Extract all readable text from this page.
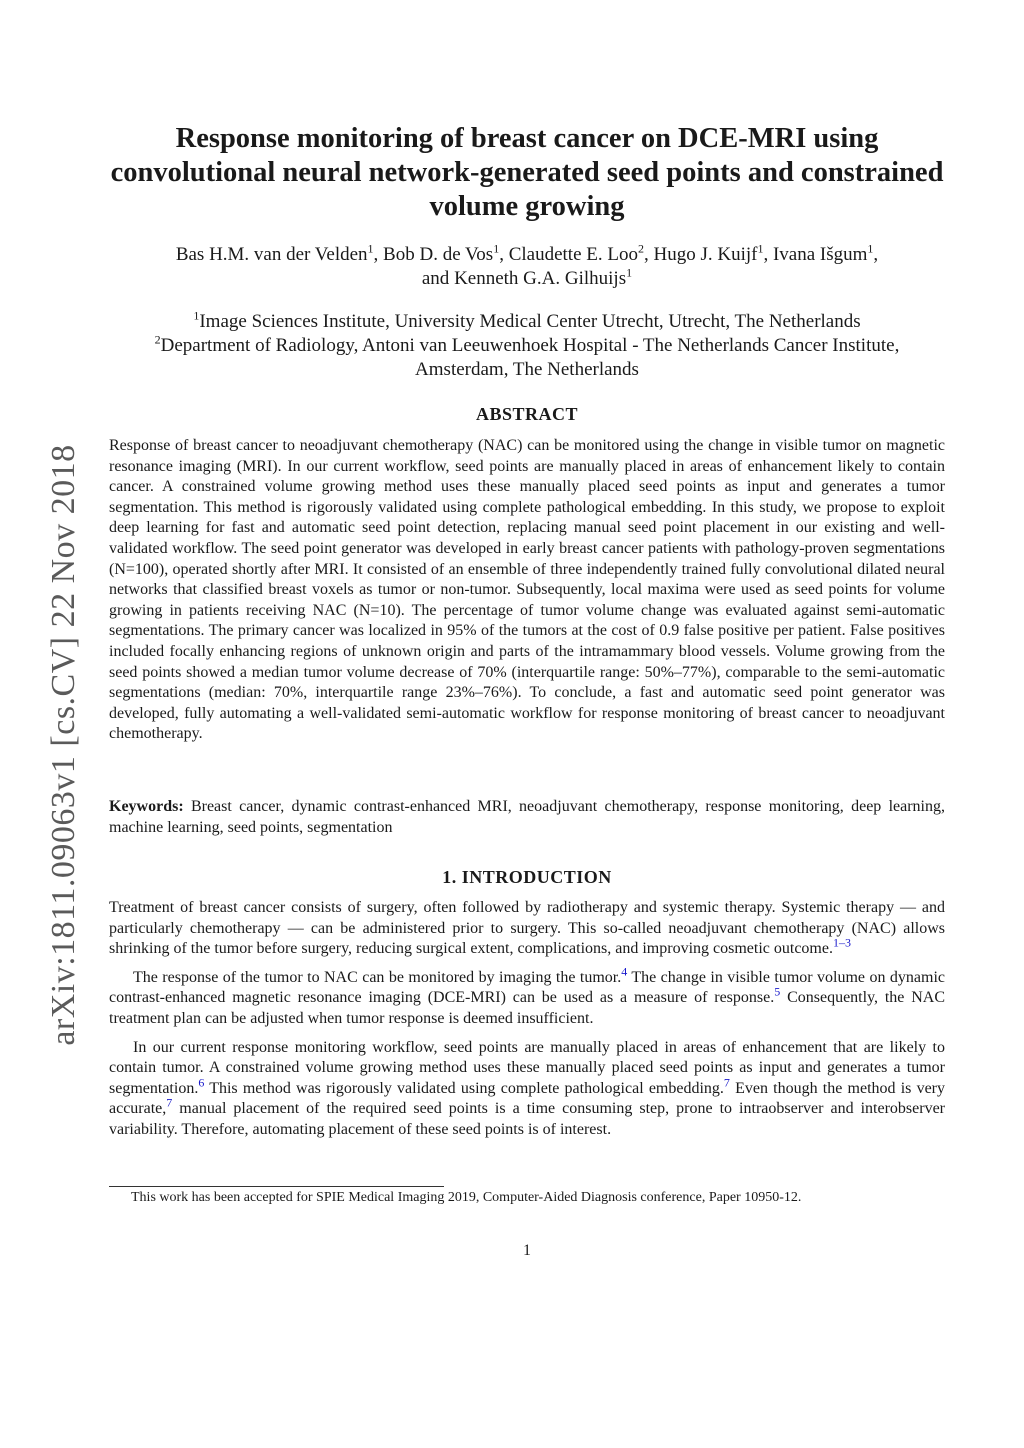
arXiv:1811.09063v1 [cs.CV] 22 Nov 2018
Response monitoring of breast cancer on DCE-MRI using convolutional neural network-generated seed points and constrained volume growing
Bas H.M. van der Velden$^1$, Bob D. de Vos$^1$, Claudette E. Loo$^2$, Hugo J. Kuijf$^1$, Ivana Išgum$^1$,
and Kenneth G.A. Gilhuijs$^1$
$^1$Image Sciences Institute, University Medical Center Utrecht, Utrecht, The Netherlands
$^2$Department of Radiology, Antoni van Leeuwenhoek Hospital - The Netherlands Cancer Institute, Amsterdam, The Netherlands
ABSTRACT
Response of breast cancer to neoadjuvant chemotherapy (NAC) can be monitored using the change in visible tumor on magnetic resonance imaging (MRI). In our current workflow, seed points are manually placed in areas of enhancement likely to contain cancer. A constrained volume growing method uses these manually placed seed points as input and generates a tumor segmentation. This method is rigorously validated using complete pathological embedding. In this study, we propose to exploit deep learning for fast and automatic seed point detection, replacing manual seed point placement in our existing and well-validated workflow. The seed point generator was developed in early breast cancer patients with pathology-proven segmentations (N=100), operated shortly after MRI. It consisted of an ensemble of three independently trained fully convolutional dilated neural networks that classified breast voxels as tumor or non-tumor. Subsequently, local maxima were used as seed points for volume growing in patients receiving NAC (N=10). The percentage of tumor volume change was evaluated against semi-automatic segmentations. The primary cancer was localized in 95% of the tumors at the cost of 0.9 false positive per patient. False positives included focally enhancing regions of unknown origin and parts of the intramammary blood vessels. Volume growing from the seed points showed a median tumor volume decrease of 70% (interquartile range: 50%–77%), comparable to the semi-automatic segmentations (median: 70%, interquartile range 23%–76%). To conclude, a fast and automatic seed point generator was developed, fully automating a well-validated semi-automatic workflow for response monitoring of breast cancer to neoadjuvant chemotherapy.
Keywords: Breast cancer, dynamic contrast-enhanced MRI, neoadjuvant chemotherapy, response monitoring, deep learning, machine learning, seed points, segmentation
1. INTRODUCTION

Treatment of breast cancer consists of surgery, often followed by radiotherapy and systemic therapy. Systemic therapy — and particularly chemotherapy — can be administered prior to surgery. This so-called neoadjuvant chemotherapy (NAC) allows shrinking of the tumor before surgery, reducing surgical extent, complications, and improving cosmetic outcome.$^{1-3}$

The response of the tumor to NAC can be monitored by imaging the tumor.$^4$ The change in visible tumor volume on dynamic contrast-enhanced magnetic resonance imaging (DCE-MRI) can be used as a measure of response.$^5$ Consequently, the NAC treatment plan can be adjusted when tumor response is deemed insufficient.

In our current response monitoring workflow, seed points are manually placed in areas of enhancement that are likely to contain tumor. A constrained volume growing method uses these manually placed seed points as input and generates a tumor segmentation.$^6$ This method was rigorously validated using complete pathological embedding.$^7$ Even though the method is very accurate,$^7$ manual placement of the required seed points is a time consuming step, prone to intraobserver and interobserver variability. Therefore, automating placement of these seed points is of interest.

This work has been accepted for SPIE Medical Imaging 2019, Computer-Aided Diagnosis conference, Paper 10950-12.
1
